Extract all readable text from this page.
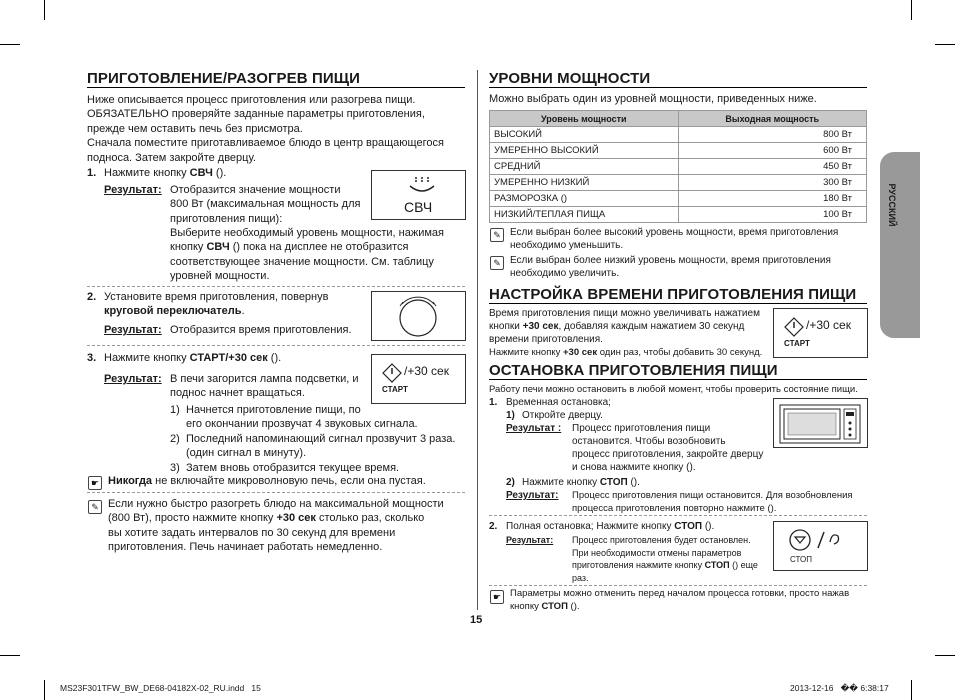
РУССКИЙ
ПРИГОТОВЛЕНИЕ/РАЗОГРЕВ ПИЩИ
Ниже описывается процесс приготовления или разогрева пищи.
ОБЯЗАТЕЛЬНО проверяйте заданные параметры приготовления,
прежде чем оставить печь без присмотра.
Сначала поместите приготавливаемое блюдо в центр вращающегося
подноса. Затем закройте дверцу.
1. Нажмите кнопку СВЧ ().
Результат: Отобразится значение мощности
800 Вт (максимальная мощность для
приготовления пищи):
Выберите необходимый уровень мощности, нажимая
кнопку СВЧ () пока на дисплее не отобразится
соответствующее значение мощности. См. таблицу
уровней мощности.
СВЧ
2. Установите время приготовления, повернув
круговой переключатель.
Результат: Отобразится время приготовления.
3. Нажмите кнопку СТАРТ/+30 сек ().
Результат: В печи загорится лампа подсветки, и
поднос начнет вращаться.
1) Начнется приготовление пищи, по
его окончании прозвучат 4 звуковых сигнала.
2) Последний напоминающий сигнал прозвучит 3 раза.
(один сигнал в минуту).
3) Затем вновь отобразится текущее время.
/+30 сек
СТАРТ
☛ Никогда не включайте микроволновую печь, если она пустая.
✎ Если нужно быстро разогреть блюдо на максимальной мощности
(800 Вт), просто нажмите кнопку +30 сек столько раз, сколько
вы хотите задать интервалов по 30 секунд для времени
приготовления. Печь начинает работать немедленно.
УРОВНИ МОЩНОСТИ
Можно выбрать один из уровней мощности, приведенных ниже.
Уровень мощности	Выходная мощность
ВЫСОКИЙ	800 Вт
УМЕРЕННО ВЫСОКИЙ	600 Вт
СРЕДНИЙ	450 Вт
УМЕРЕННО НИЗКИЙ	300 Вт
РАЗМОРОЗКА ()	180 Вт
НИЗКИЙ/ТЕПЛАЯ ПИЩА	100 Вт
✎ Если выбран более высокий уровень мощности, время приготовления
необходимо уменьшить.
✎ Если выбран более низкий уровень мощности, время приготовления
необходимо увеличить.
НАСТРОЙКА ВРЕМЕНИ ПРИГОТОВЛЕНИЯ ПИЩИ
Время приготовления пищи можно увеличивать нажатием
кнопки +30 сек, добавляя каждым нажатием 30 секунд
времени приготовления.
Нажмите кнопку +30 сек один раз, чтобы добавить 30 секунд.
/+30 сек
СТАРТ
ОСТАНОВКА ПРИГОТОВЛЕНИЯ ПИЩИ
Работу печи можно остановить в любой момент, чтобы проверить состояние пищи.
1. Временная остановка;
1) Откройте дверцу.
Результат : Процесс приготовления пищи
остановится. Чтобы возобновить
процесс приготовления, закройте дверцу
и снова нажмите кнопку ().
2) Нажмите кнопку СТОП ().
Результат: Процесс приготовления пищи остановится. Для возобновления
процесса приготовления повторно нажмите ().
2. Полная остановка; Нажмите кнопку СТОП ().
Результат: Процесс приготовления будет остановлен.
При необходимости отмены параметров
приготовления нажмите кнопку СТОП () еще
раз.
СТОП
☛ Параметры можно отменить перед началом процесса готовки, просто нажав
кнопку СТОП ().
15
MS23F301TFW_BW_DE68-04182X-02_RU.indd   15	2013-12-16   �� 6:38:17
